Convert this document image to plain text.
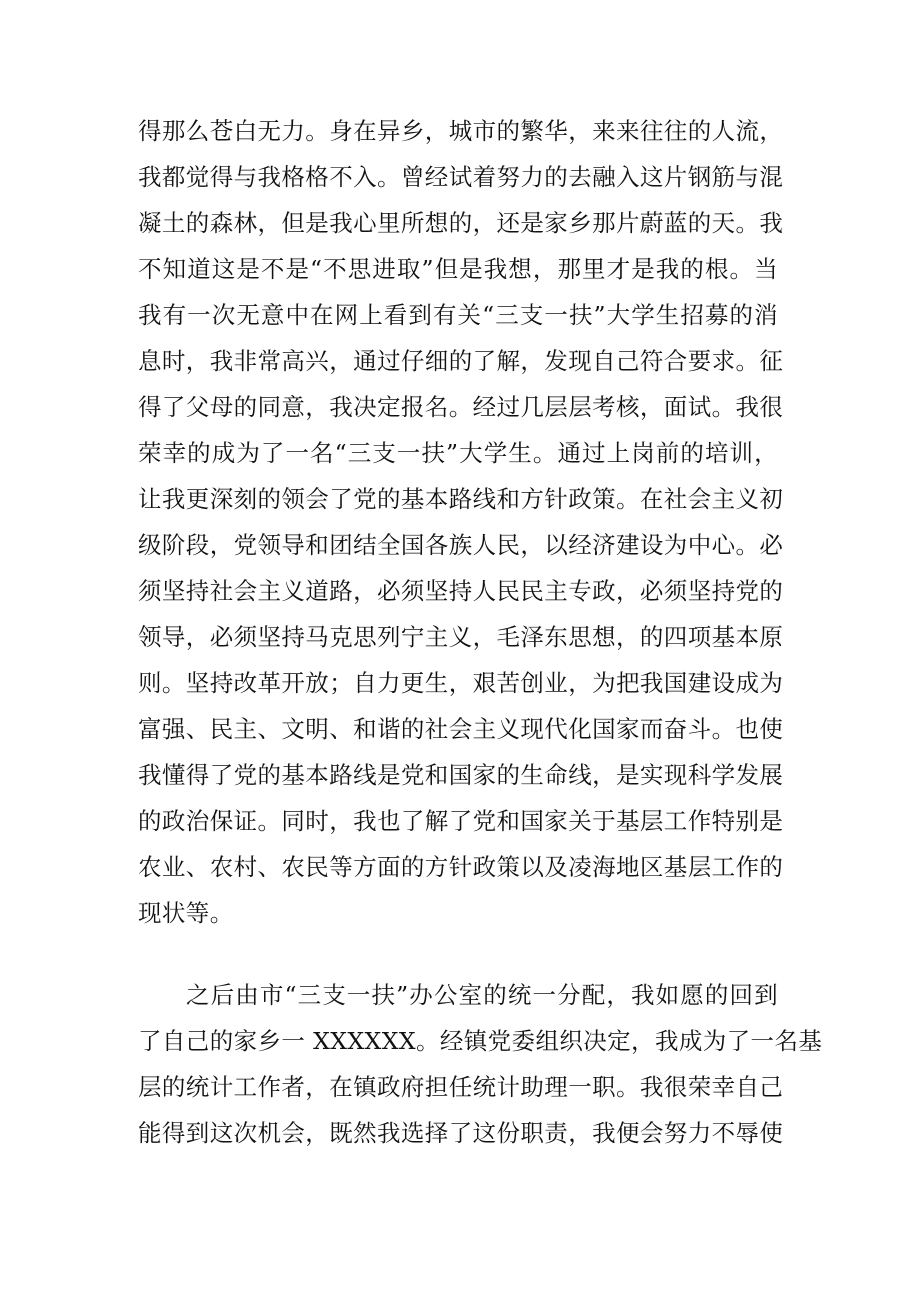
得那么苍白无力。身在异乡，城市的繁华，来来往往的人流，
我都觉得与我格格不入。曾经试着努力的去融入这片钢筋与混
凝土的森林，但是我心里所想的，还是家乡那片蔚蓝的天。我
不知道这是不是“不思进取”但是我想，那里才是我的根。当
我有一次无意中在网上看到有关“三支一扶”大学生招募的消
息时，我非常高兴，通过仔细的了解，发现自己符合要求。征
得了父母的同意，我决定报名。经过几层层考核，面试。我很
荣幸的成为了一名“三支一扶”大学生。通过上岗前的培训，
让我更深刻的领会了党的基本路线和方针政策。在社会主义初
级阶段，党领导和团结全国各族人民，以经济建设为中心。必
须坚持社会主义道路，必须坚持人民民主专政，必须坚持党的
领导，必须坚持马克思列宁主义，毛泽东思想，的四项基本原
则。坚持改革开放；自力更生，艰苦创业，为把我国建设成为
富强、民主、文明、和谐的社会主义现代化国家而奋斗。也使
我懂得了党的基本路线是党和国家的生命线，是实现科学发展
的政治保证。同时，我也了解了党和国家关于基层工作特别是
农业、农村、农民等方面的方针政策以及凌海地区基层工作的
现状等。
之后由市“三支一扶”办公室的统一分配，我如愿的回到
了自己的家乡一 XXXXXX。经镇党委组织决定，我成为了一名基
层的统计工作者，在镇政府担任统计助理一职。我很荣幸自己
能得到这次机会，既然我选择了这份职责，我便会努力不辱使
